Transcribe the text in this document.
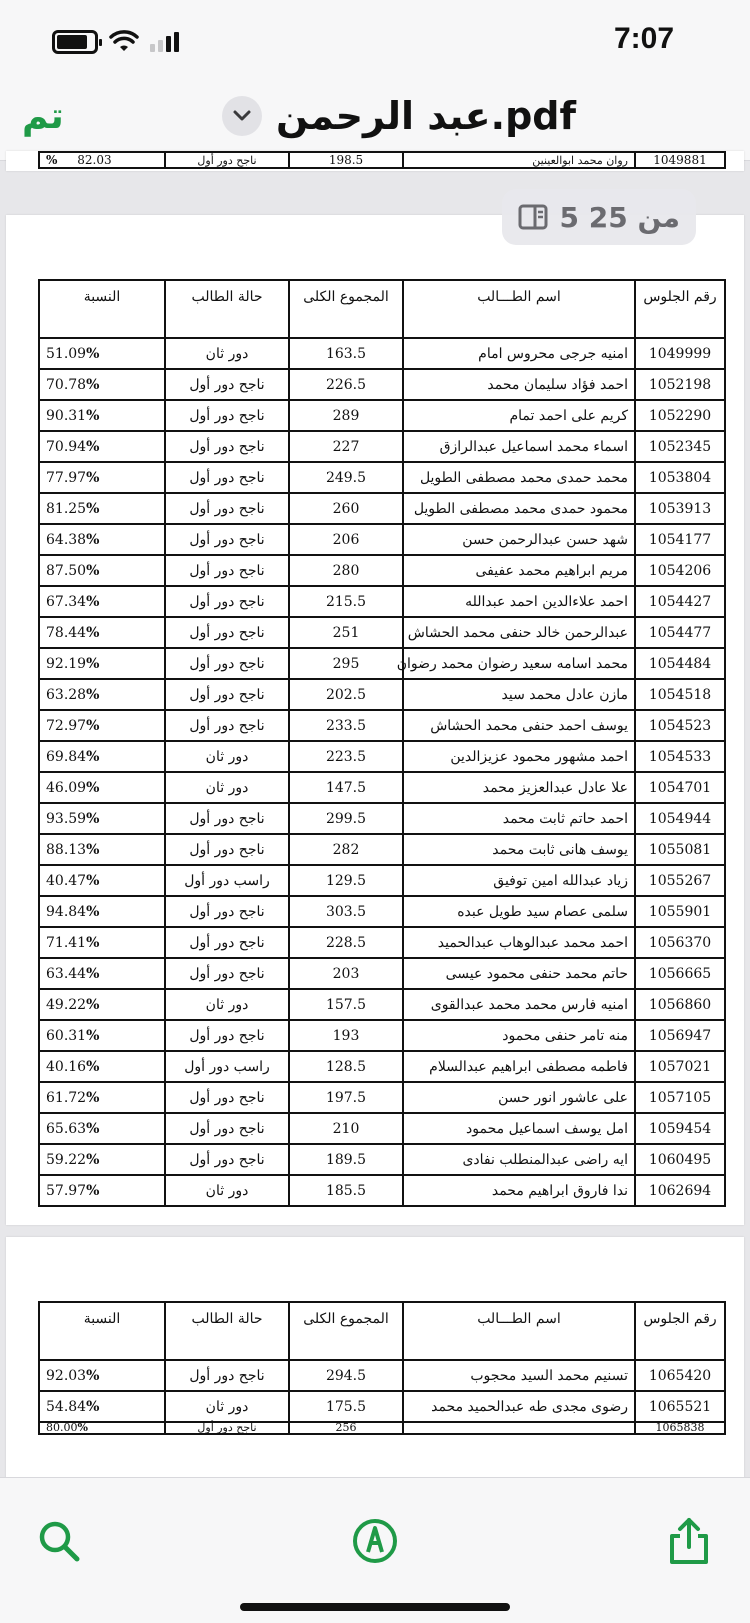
7:07
تم	عبد الرحمن.pdf
1049881	روان محمد ابوالعينين	198.5	ناجح دور أول	82.03 %
رقم الجلوس	اسم الطـــالب	المجموع الكلى	حالة الطالب	النسبة
1049999	امنيه جرجى محروس امام	163.5	دور ثان	51.09%
1052198	احمد فؤاد سليمان محمد	226.5	ناجح دور أول	70.78%
1052290	كريم على احمد تمام	289	ناجح دور أول	90.31%
1052345	اسماء محمد اسماعيل عبدالرازق	227	ناجح دور أول	70.94%
1053804	محمد حمدى محمد مصطفى الطويل	249.5	ناجح دور أول	77.97%
1053913	محمود حمدى محمد مصطفى الطويل	260	ناجح دور أول	81.25%
1054177	شهد حسن عبدالرحمن حسن	206	ناجح دور أول	64.38%
1054206	مريم ابراهيم محمد عفيفى	280	ناجح دور أول	87.50%
1054427	احمد علاءالدين احمد عبدالله	215.5	ناجح دور أول	67.34%
1054477	عبدالرحمن خالد حنفى محمد الحشاش	251	ناجح دور أول	78.44%
1054484	محمد اسامه سعيد رضوان محمد رضوان	295	ناجح دور أول	92.19%
1054518	مازن عادل محمد سيد	202.5	ناجح دور أول	63.28%
1054523	يوسف احمد حنفى محمد الحشاش	233.5	ناجح دور أول	72.97%
1054533	احمد مشهور محمود عزيزالدين	223.5	دور ثان	69.84%
1054701	علا عادل عبدالعزيز محمد	147.5	دور ثان	46.09%
1054944	احمد حاتم ثابت محمد	299.5	ناجح دور أول	93.59%
1055081	يوسف هانى ثابت محمد	282	ناجح دور أول	88.13%
1055267	زياد عبدالله امين توفيق	129.5	راسب دور أول	40.47%
1055901	سلمى عصام سيد طويل عبده	303.5	ناجح دور أول	94.84%
1056370	احمد محمد عبدالوهاب عبدالحميد	228.5	ناجح دور أول	71.41%
1056665	حاتم محمد حنفى محمود عيسى	203	ناجح دور أول	63.44%
1056860	امنيه فارس محمد محمد عبدالقوى	157.5	دور ثان	49.22%
1056947	منه تامر حنفى محمود	193	ناجح دور أول	60.31%
1057021	فاطمه مصطفى ابراهيم عبدالسلام	128.5	راسب دور أول	40.16%
1057105	على عاشور انور حسن	197.5	ناجح دور أول	61.72%
1059454	امل يوسف اسماعيل محمود	210	ناجح دور أول	65.63%
1060495	ايه راضى عبدالمنطلب نفادى	189.5	ناجح دور أول	59.22%
1062694	ندا فاروق ابراهيم محمد	185.5	دور ثان	57.97%
5 من 25
رقم الجلوس	اسم الطـــالب	المجموع الكلى	حالة الطالب	النسبة
1065420	تسنيم محمد السيد محجوب	294.5	ناجح دور أول	92.03%
1065521	رضوى مجدى طه عبدالحميد محمد	175.5	دور ثان	54.84%
1065838		256	ناجح دور أول	80.00%
